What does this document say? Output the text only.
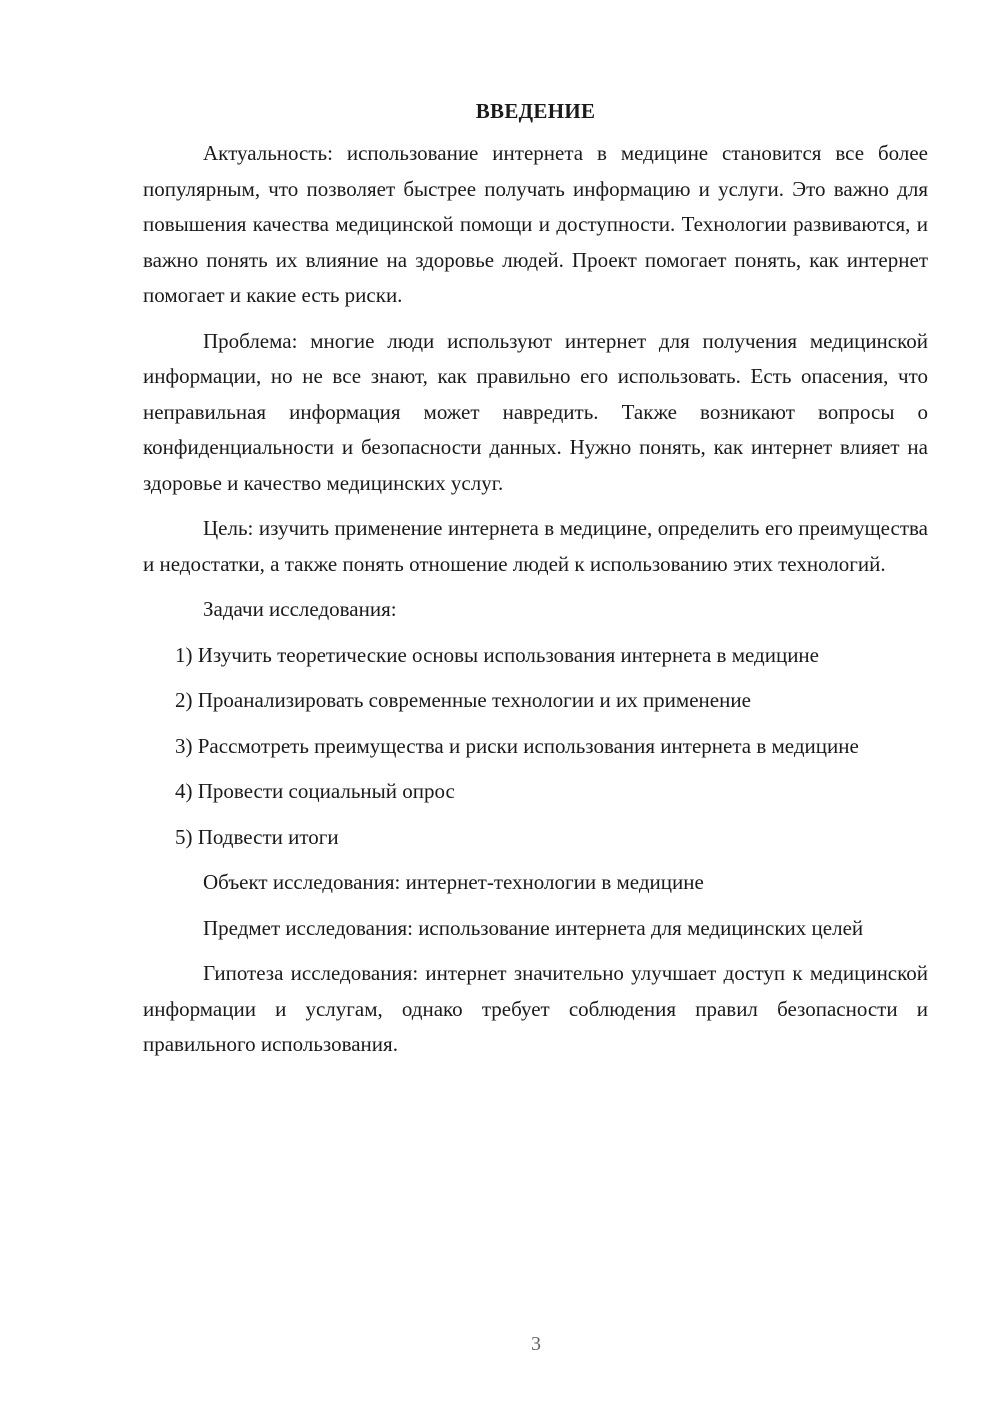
ВВЕДЕНИЕ

Актуальность: использование интернета в медицине становится все более популярным, что позволяет быстрее получать информацию и услуги. Это важно для повышения качества медицинской помощи и доступности. Технологии развиваются, и важно понять их влияние на здоровье людей. Проект помогает понять, как интернет помогает и какие есть риски.

Проблема: многие люди используют интернет для получения медицинской информации, но не все знают, как правильно его использовать. Есть опасения, что неправильная информация может навредить. Также возникают вопросы о конфиденциальности и безопасности данных. Нужно понять, как интернет влияет на здоровье и качество медицинских услуг.

Цель: изучить применение интернета в медицине, определить его преимущества и недостатки, а также понять отношение людей к использованию этих технологий.

Задачи исследования:

1) Изучить теоретические основы использования интернета в медицине

2) Проанализировать современные технологии и их применение

3) Рассмотреть преимущества и риски использования интернета в медицине

4) Провести социальный опрос

5) Подвести итоги

Объект исследования: интернет-технологии в медицине

Предмет исследования: использование интернета для медицинских целей

Гипотеза исследования: интернет значительно улучшает доступ к медицинской информации и услугам, однако требует соблюдения правил безопасности и правильного использования.

3
